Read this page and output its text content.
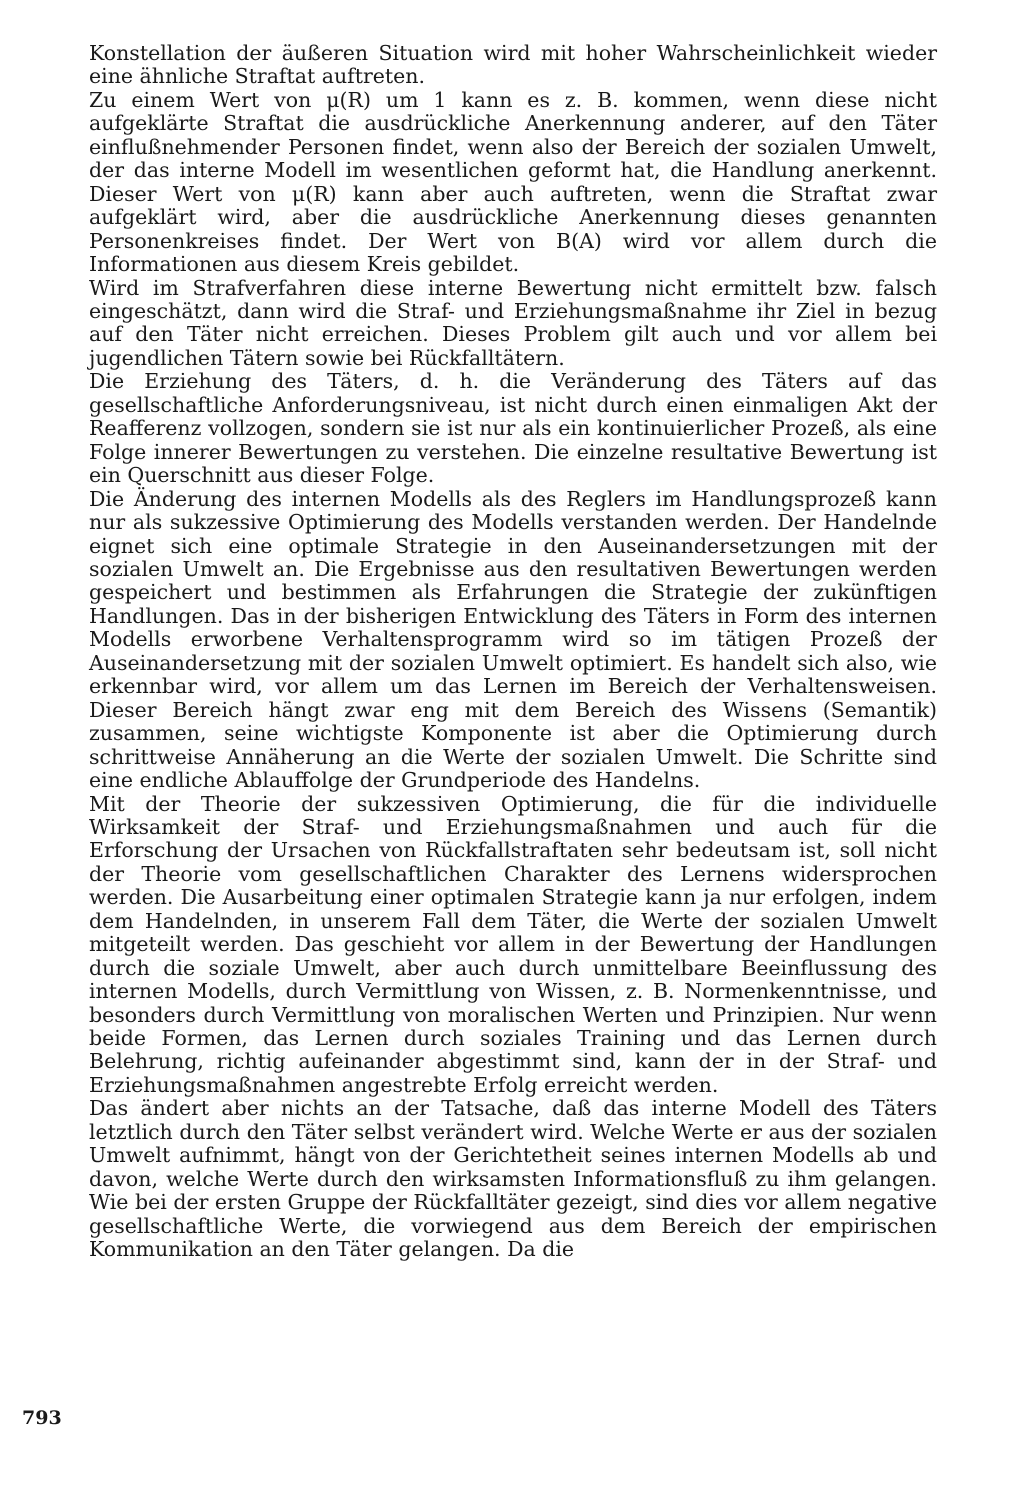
Konstellation der äußeren Situation wird mit hoher Wahrscheinlichkeit wieder eine ähnliche Straftat auftreten.

Zu einem Wert von μ(R) um 1 kann es z. B. kommen, wenn diese nicht aufgeklärte Straftat die ausdrückliche Anerkennung anderer, auf den Täter einflußnehmender Personen findet, wenn also der Bereich der sozialen Umwelt, der das interne Modell im wesentlichen geformt hat, die Handlung anerkennt. Dieser Wert von μ(R) kann aber auch auftreten, wenn die Straftat zwar aufgeklärt wird, aber die ausdrückliche Anerkennung dieses genannten Personenkreises findet. Der Wert von B(A) wird vor allem durch die Informationen aus diesem Kreis gebildet.

Wird im Strafverfahren diese interne Bewertung nicht ermittelt bzw. falsch eingeschätzt, dann wird die Straf- und Erziehungsmaßnahme ihr Ziel in bezug auf den Täter nicht erreichen. Dieses Problem gilt auch und vor allem bei jugendlichen Tätern sowie bei Rückfalltätern.

Die Erziehung des Täters, d. h. die Veränderung des Täters auf das gesellschaftliche Anforderungsniveau, ist nicht durch einen einmaligen Akt der Reafferenz vollzogen, sondern sie ist nur als ein kontinuierlicher Prozeß, als eine Folge innerer Bewertungen zu verstehen. Die einzelne resultative Bewertung ist ein Querschnitt aus dieser Folge.

Die Änderung des internen Modells als des Reglers im Handlungsprozeß kann nur als sukzessive Optimierung des Modells verstanden werden. Der Handelnde eignet sich eine optimale Strategie in den Auseinandersetzungen mit der sozialen Umwelt an. Die Ergebnisse aus den resultativen Bewertungen werden gespeichert und bestimmen als Erfahrungen die Strategie der zukünftigen Handlungen. Das in der bisherigen Entwicklung des Täters in Form des internen Modells erworbene Verhaltensprogramm wird so im tätigen Prozeß der Auseinandersetzung mit der sozialen Umwelt optimiert. Es handelt sich also, wie erkennbar wird, vor allem um das Lernen im Bereich der Verhaltensweisen. Dieser Bereich hängt zwar eng mit dem Bereich des Wissens (Semantik) zusammen, seine wichtigste Komponente ist aber die Optimierung durch schrittweise Annäherung an die Werte der sozialen Umwelt. Die Schritte sind eine endliche Ablauffolge der Grundperiode des Handelns.

Mit der Theorie der sukzessiven Optimierung, die für die individuelle Wirksamkeit der Straf- und Erziehungsmaßnahmen und auch für die Erforschung der Ursachen von Rückfallstraftaten sehr bedeutsam ist, soll nicht der Theorie vom gesellschaftlichen Charakter des Lernens widersprochen werden. Die Ausarbeitung einer optimalen Strategie kann ja nur erfolgen, indem dem Handelnden, in unserem Fall dem Täter, die Werte der sozialen Umwelt mitgeteilt werden. Das geschieht vor allem in der Bewertung der Handlungen durch die soziale Umwelt, aber auch durch unmittelbare Beeinflussung des internen Modells, durch Vermittlung von Wissen, z. B. Normenkenntnisse, und besonders durch Vermittlung von moralischen Werten und Prinzipien. Nur wenn beide Formen, das Lernen durch soziales Training und das Lernen durch Belehrung, richtig aufeinander abgestimmt sind, kann der in der Straf- und Erziehungsmaßnahmen angestrebte Erfolg erreicht werden.

Das ändert aber nichts an der Tatsache, daß das interne Modell des Täters letztlich durch den Täter selbst verändert wird. Welche Werte er aus der sozialen Umwelt aufnimmt, hängt von der Gerichtetheit seines internen Modells ab und davon, welche Werte durch den wirksamsten Informationsfluß zu ihm gelangen. Wie bei der ersten Gruppe der Rückfalltäter gezeigt, sind dies vor allem negative gesellschaftliche Werte, die vorwiegend aus dem Bereich der empirischen Kommunikation an den Täter gelangen. Da die

793
